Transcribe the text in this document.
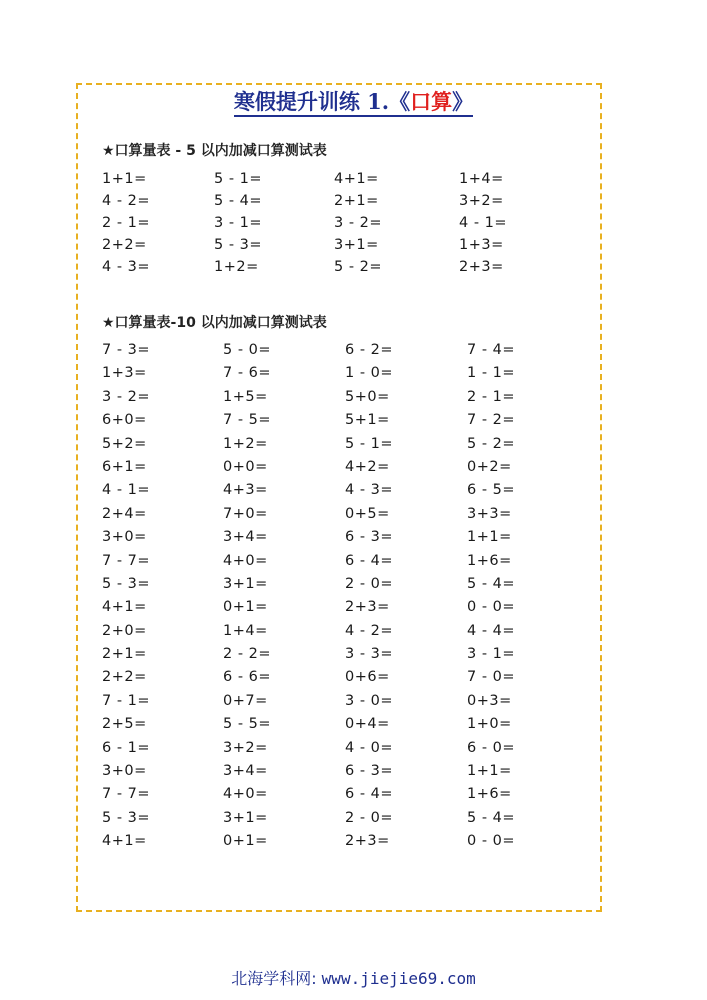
寒假提升训练 1.《口算》
★口算量表 - 5 以内加减口算测试表
1+1=	5 - 1=	4+1=	1+4=
4 - 2=	5 - 4=	2+1=	3+2=
2 - 1=	3 - 1=	3 - 2=	4 - 1=
2+2=	5 - 3=	3+1=	1+3=
4 - 3=	1+2=	5 - 2=	2+3=
★口算量表-10 以内加减口算测试表
7 - 3=	5 - 0=	6 - 2=	7 - 4=
1+3=	7 - 6=	1 - 0=	1 - 1=
3 - 2=	1+5=	5+0=	2 - 1=
6+0=	7 - 5=	5+1=	7 - 2=
5+2=	1+2=	5 - 1=	5 - 2=
6+1=	0+0=	4+2=	0+2=
4 - 1=	4+3=	4 - 3=	6 - 5=
2+4=	7+0=	0+5=	3+3=
3+0=	3+4=	6 - 3=	1+1=
7 - 7=	4+0=	6 - 4=	1+6=
5 - 3=	3+1=	2 - 0=	5 - 4=
4+1=	0+1=	2+3=	0 - 0=
2+0=	1+4=	4 - 2=	4 - 4=
2+1=	2 - 2=	3 - 3=	3 - 1=
2+2=	6 - 6=	0+6=	7 - 0=
7 - 1=	0+7=	3 - 0=	0+3=
2+5=	5 - 5=	0+4=	1+0=
6 - 1=	3+2=	4 - 0=	6 - 0=
3+0=	3+4=	6 - 3=	1+1=
7 - 7=	4+0=	6 - 4=	1+6=
5 - 3=	3+1=	2 - 0=	5 - 4=
4+1=	0+1=	2+3=	0 - 0=
北海学科网: www.jiejie69.com
